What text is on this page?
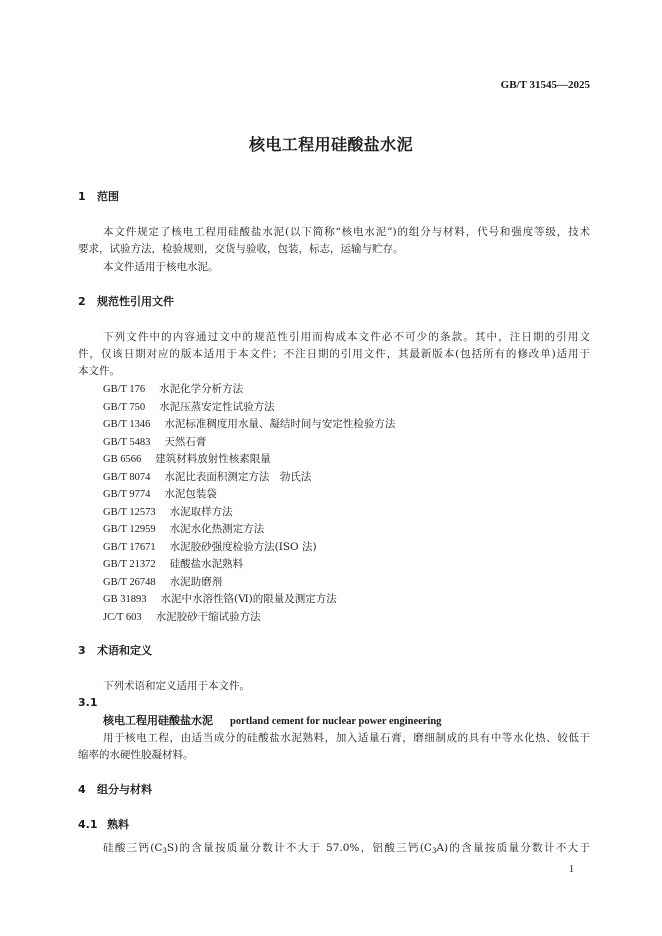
GB/T 31545—2025
核电工程用硅酸盐水泥
1 范围
本文件规定了核电工程用硅酸盐水泥(以下简称“核电水泥”)的组分与材料，代号和强度等级，技术
要求，试验方法，检验规则，交货与验收，包装，标志，运输与贮存。
本文件适用于核电水泥。
2 规范性引用文件
下列文件中的内容通过文中的规范性引用而构成本文件必不可少的条款。其中，注日期的引用文
件，仅该日期对应的版本适用于本文件；不注日期的引用文件，其最新版本(包括所有的修改单)适用于
本文件。
GB/T 176 水泥化学分析方法
GB/T 750 水泥压蒸安定性试验方法
GB/T 1346 水泥标准稠度用水量、凝结时间与安定性检验方法
GB/T 5483 天然石膏
GB 6566 建筑材料放射性核素限量
GB/T 8074 水泥比表面积测定方法　勃氏法
GB/T 9774 水泥包装袋
GB/T 12573 水泥取样方法
GB/T 12959 水泥水化热测定方法
GB/T 17671 水泥胶砂强度检验方法(ISO 法)
GB/T 21372 硅酸盐水泥熟料
GB/T 26748 水泥助磨剂
GB 31893 水泥中水溶性铬(Ⅵ)的限量及测定方法
JC/T 603 水泥胶砂干缩试验方法
3 术语和定义
下列术语和定义适用于本文件。
3.1
核电工程用硅酸盐水泥 portland cement for nuclear power engineering
用于核电工程，由适当成分的硅酸盐水泥熟料，加入适量石膏，磨细制成的具有中等水化热、较低干
缩率的水硬性胶凝材料。
4 组分与材料
4.1 熟料
硅酸三钙$(C_3S)$的含量按质量分数计不大于 57.0%，铝酸三钙$(C_3A)$的含量按质量分数计不大于
1
